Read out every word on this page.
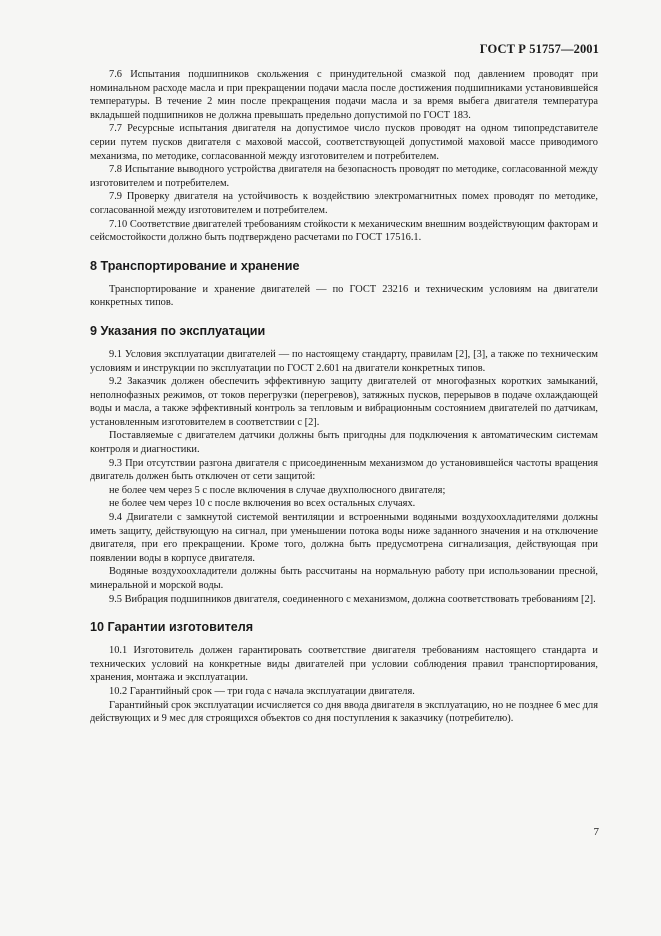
ГОСТ Р 51757—2001

7.6 Испытания подшипников скольжения с принудительной смазкой под давлением проводят при номинальном расходе масла и при прекращении подачи масла после достижения подшипниками установившейся температуры. В течение 2 мин после прекращения подачи масла и за время выбега двигателя температура вкладышей подшипников не должна превышать предельно допустимой по ГОСТ 183.

7.7 Ресурсные испытания двигателя на допустимое число пусков проводят на одном типопредставителе серии путем пусков двигателя с маховой массой, соответствующей допустимой маховой массе приводимого механизма, по методике, согласованной между изготовителем и потребителем.

7.8 Испытание выводного устройства двигателя на безопасность проводят по методике, согласованной между изготовителем и потребителем.

7.9 Проверку двигателя на устойчивость к воздействию электромагнитных помех проводят по методике, согласованной между изготовителем и потребителем.

7.10 Соответствие двигателей требованиям стойкости к механическим внешним воздействующим факторам и сейсмостойкости должно быть подтверждено расчетами по ГОСТ 17516.1.

8 Транспортирование и хранение

Транспортирование и хранение двигателей — по ГОСТ 23216 и техническим условиям на двигатели конкретных типов.

9 Указания по эксплуатации

9.1 Условия эксплуатации двигателей — по настоящему стандарту, правилам [2], [3], а также по техническим условиям и инструкции по эксплуатации по ГОСТ 2.601 на двигатели конкретных типов.

9.2 Заказчик должен обеспечить эффективную защиту двигателей от многофазных коротких замыканий, неполнофазных режимов, от токов перегрузки (перегревов), затяжных пусков, перерывов в подаче охлаждающей воды и масла, а также эффективный контроль за тепловым и вибрационным состоянием двигателей по датчикам, установленным изготовителем в соответствии с [2].

Поставляемые с двигателем датчики должны быть пригодны для подключения к автоматическим системам контроля и диагностики.

9.3 При отсутствии разгона двигателя с присоединенным механизмом до установившейся частоты вращения двигатель должен быть отключен от сети защитой:

не более чем через 5 с после включения в случае двухполюсного двигателя;

не более чем через 10 с после включения во всех остальных случаях.

9.4 Двигатели с замкнутой системой вентиляции и встроенными водяными воздухоохладителями должны иметь защиту, действующую на сигнал, при уменьшении потока воды ниже заданного значения и на отключение двигателя, при его прекращении. Кроме того, должна быть предусмотрена сигнализация, действующая при появлении воды в корпусе двигателя.

Водяные воздухоохладители должны быть рассчитаны на нормальную работу при использовании пресной, минеральной и морской воды.

9.5 Вибрация подшипников двигателя, соединенного с механизмом, должна соответствовать требованиям [2].

10 Гарантии изготовителя

10.1 Изготовитель должен гарантировать соответствие двигателя требованиям настоящего стандарта и технических условий на конкретные виды двигателей при условии соблюдения правил транспортирования, хранения, монтажа и эксплуатации.

10.2 Гарантийный срок — три года с начала эксплуатации двигателя.

Гарантийный срок эксплуатации исчисляется со дня ввода двигателя в эксплуатацию, но не позднее 6 мес для действующих и 9 мес для строящихся объектов со дня поступления к заказчику (потребителю).

7
